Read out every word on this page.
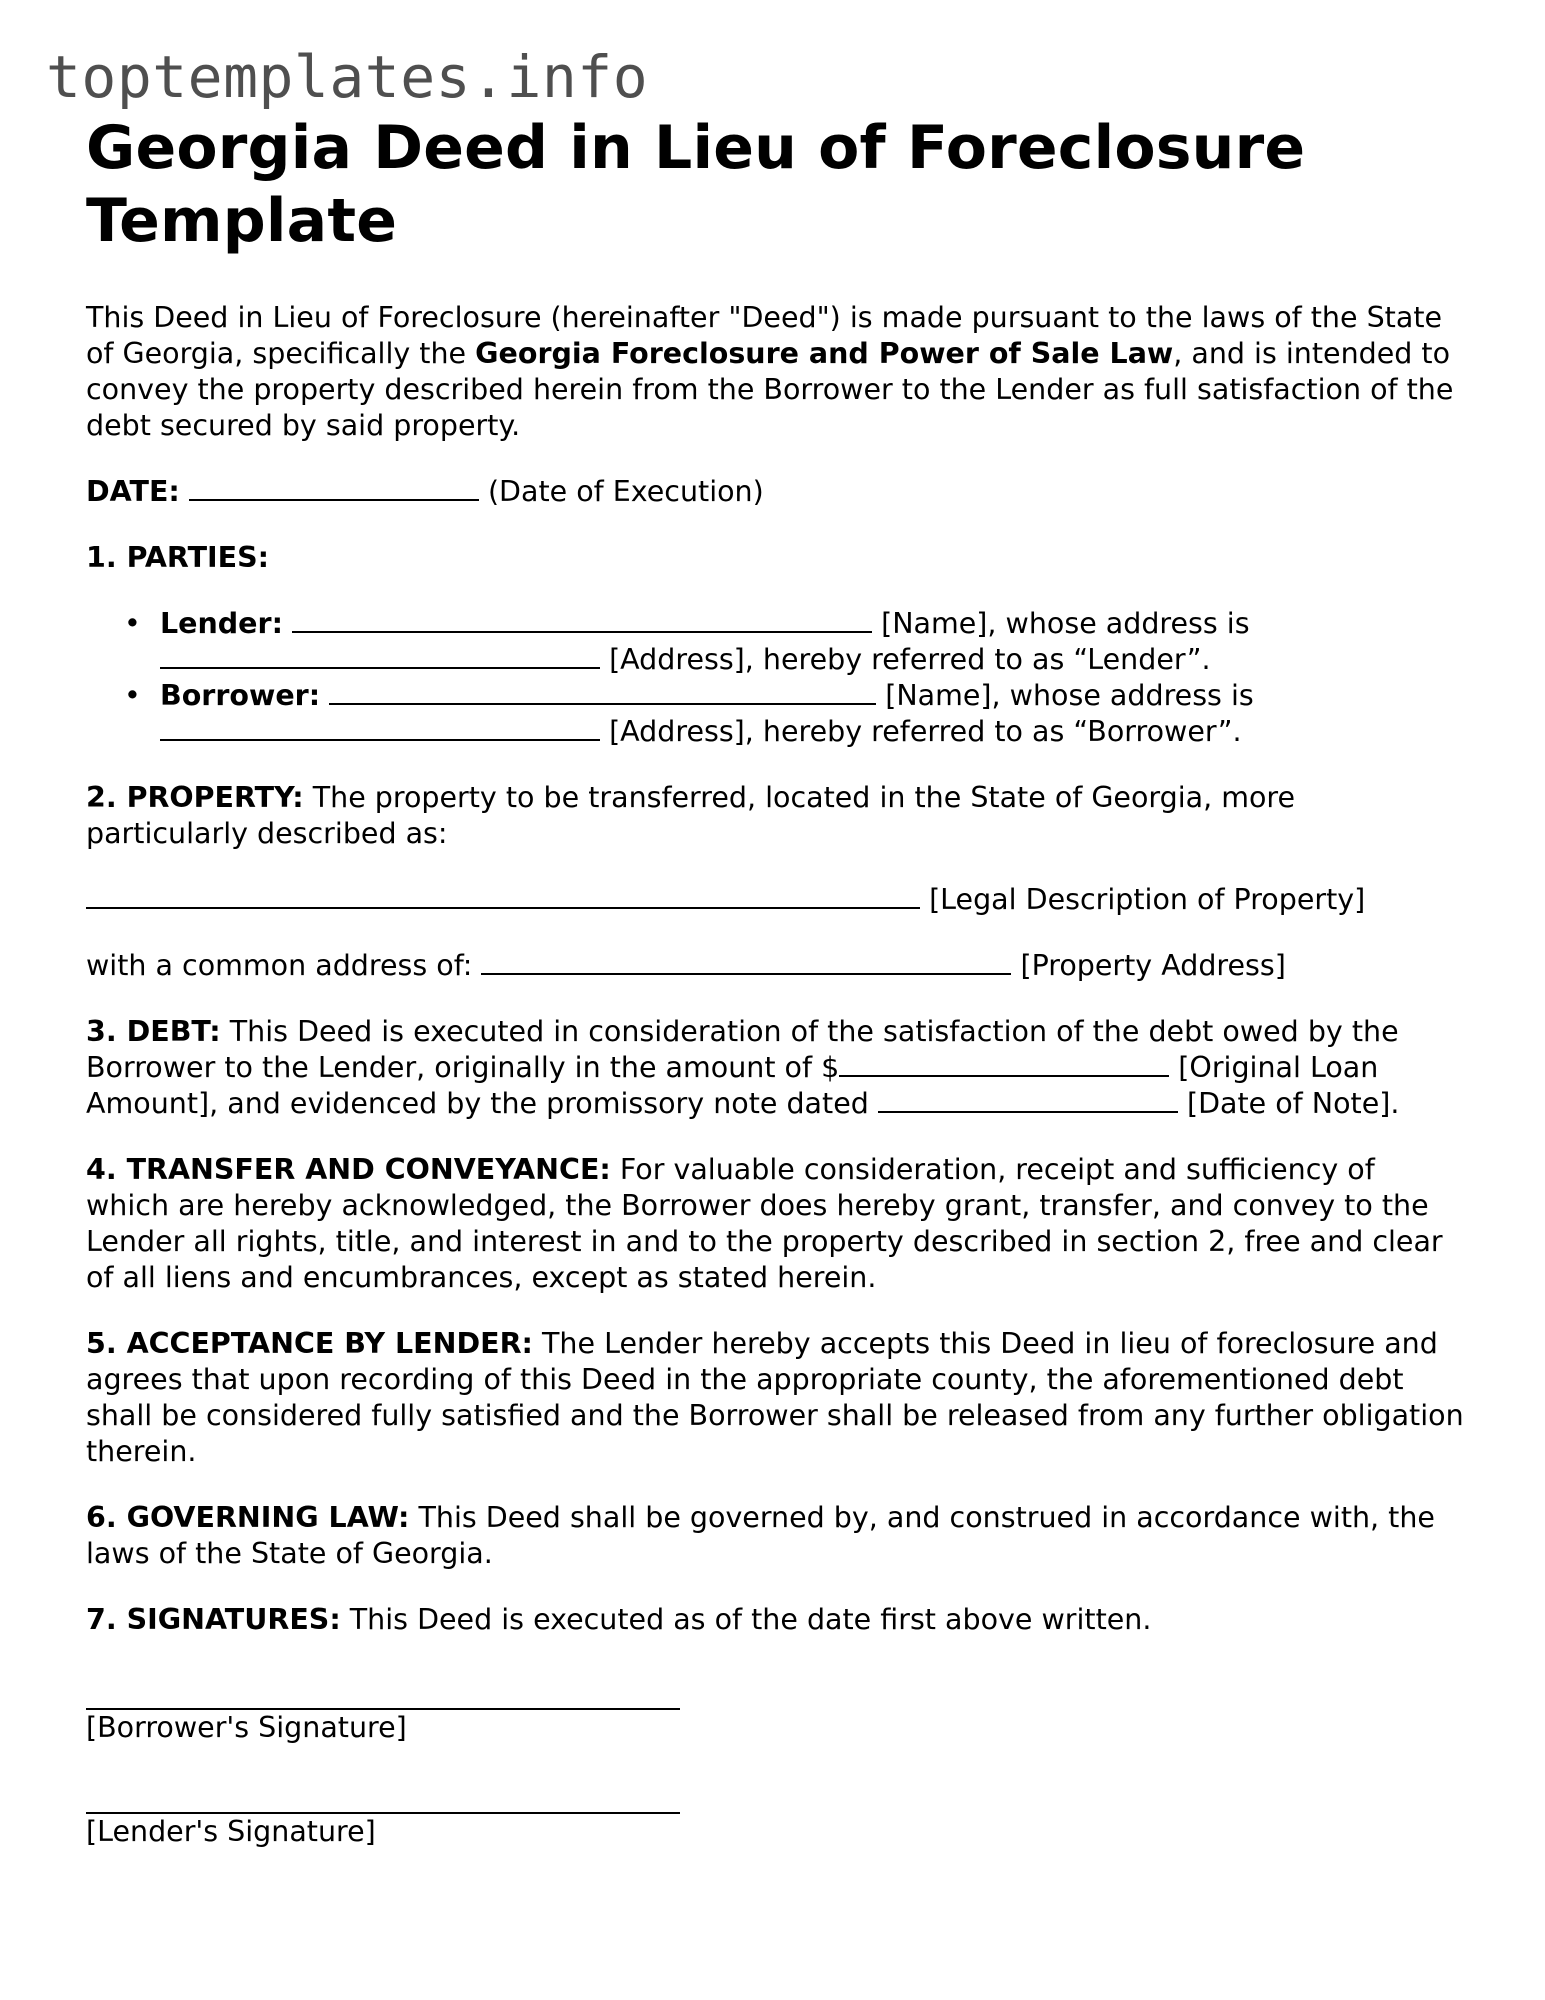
toptemplates.info
Georgia Deed in Lieu of Foreclosure Template

This Deed in Lieu of Foreclosure (hereinafter "Deed") is made pursuant to the laws of the State of Georgia, specifically the Georgia Foreclosure and Power of Sale Law, and is intended to convey the property described herein from the Borrower to the Lender as full satisfaction of the debt secured by said property.

DATE:	(Date of Execution)

1. PARTIES:

• Lender:	[Name], whose address is
[Address], hereby referred to as “Lender”.
• Borrower:	[Name], whose address is
[Address], hereby referred to as “Borrower”.

2. PROPERTY: The property to be transferred, located in the State of Georgia, more particularly described as:

[Legal Description of Property]

with a common address of:	[Property Address]

3. DEBT: This Deed is executed in consideration of the satisfaction of the debt owed by the Borrower to the Lender, originally in the amount of $	[Original Loan Amount], and evidenced by the promissory note dated	[Date of Note].

4. TRANSFER AND CONVEYANCE: For valuable consideration, receipt and sufficiency of which are hereby acknowledged, the Borrower does hereby grant, transfer, and convey to the Lender all rights, title, and interest in and to the property described in section 2, free and clear of all liens and encumbrances, except as stated herein.

5. ACCEPTANCE BY LENDER: The Lender hereby accepts this Deed in lieu of foreclosure and agrees that upon recording of this Deed in the appropriate county, the aforementioned debt shall be considered fully satisfied and the Borrower shall be released from any further obligation therein.

6. GOVERNING LAW: This Deed shall be governed by, and construed in accordance with, the laws of the State of Georgia.

7. SIGNATURES: This Deed is executed as of the date first above written.

[Borrower's Signature]

[Lender's Signature]
